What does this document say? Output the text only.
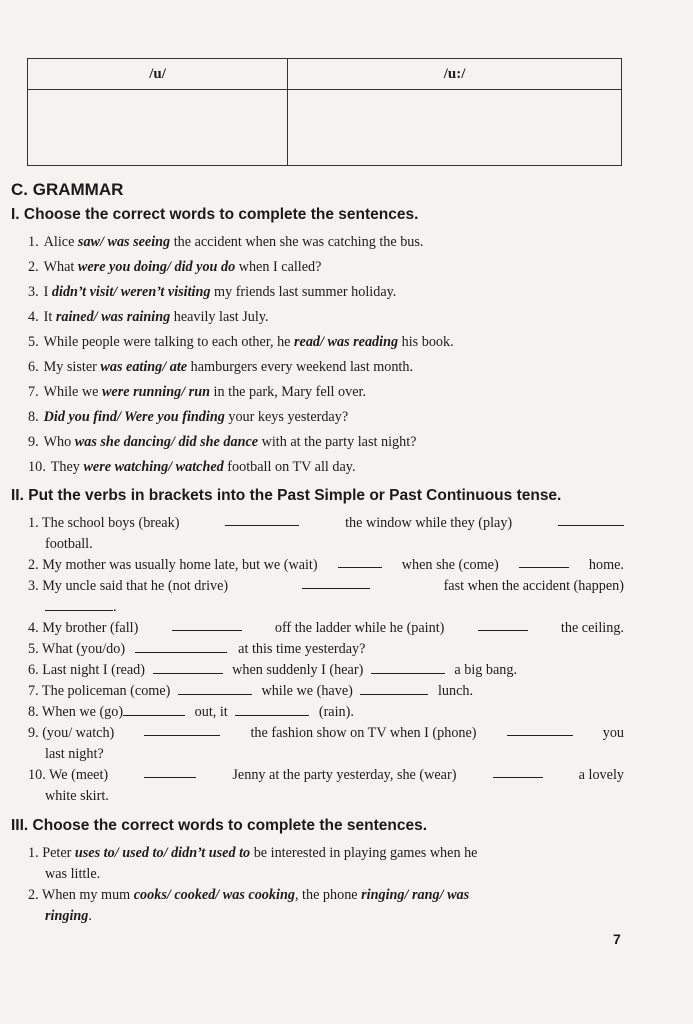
/u/	/u:/

C. GRAMMAR
I. Choose the correct words to complete the sentences.
1. Alice saw/ was seeing the accident when she was catching the bus.
2. What were you doing/ did you do when I called?
3. I didn’t visit/ weren’t visiting my friends last summer holiday.
4. It rained/ was raining heavily last July.
5. While people were talking to each other, he read/ was reading his book.
6. My sister was eating/ ate hamburgers every weekend last month.
7. While we were running/ run in the park, Mary fell over.
8. Did you find/ Were you finding your keys yesterday?
9. Who was she dancing/ did she dance with at the party last night?
10. They were watching/ watched football on TV all day.
II. Put the verbs in brackets into the Past Simple or Past Continuous tense.
1. The school boys (break)	the window while they (play)
football.
2. My mother was usually home late, but we (wait)	when she (come)	home.
3. My uncle said that he (not drive)	fast when the accident (happen)
.
4. My brother (fall)	off the ladder while he (paint)	the ceiling.
5. What (you/do)	at this time yesterday?
6. Last night I (read)	when suddenly I (hear)	a big bang.
7. The policeman (come)	while we (have)	lunch.
8. When we (go)	out, it	(rain).
9. (you/ watch)	the fashion show on TV when I (phone)	you
last night?
10. We (meet)	Jenny at the party yesterday, she (wear)	a lovely
white skirt.
III. Choose the correct words to complete the sentences.
1. Peter uses to/ used to/ didn’t used to be interested in playing games when he
was little.
2. When my mum cooks/ cooked/ was cooking, the phone ringing/ rang/ was
ringing.
7
